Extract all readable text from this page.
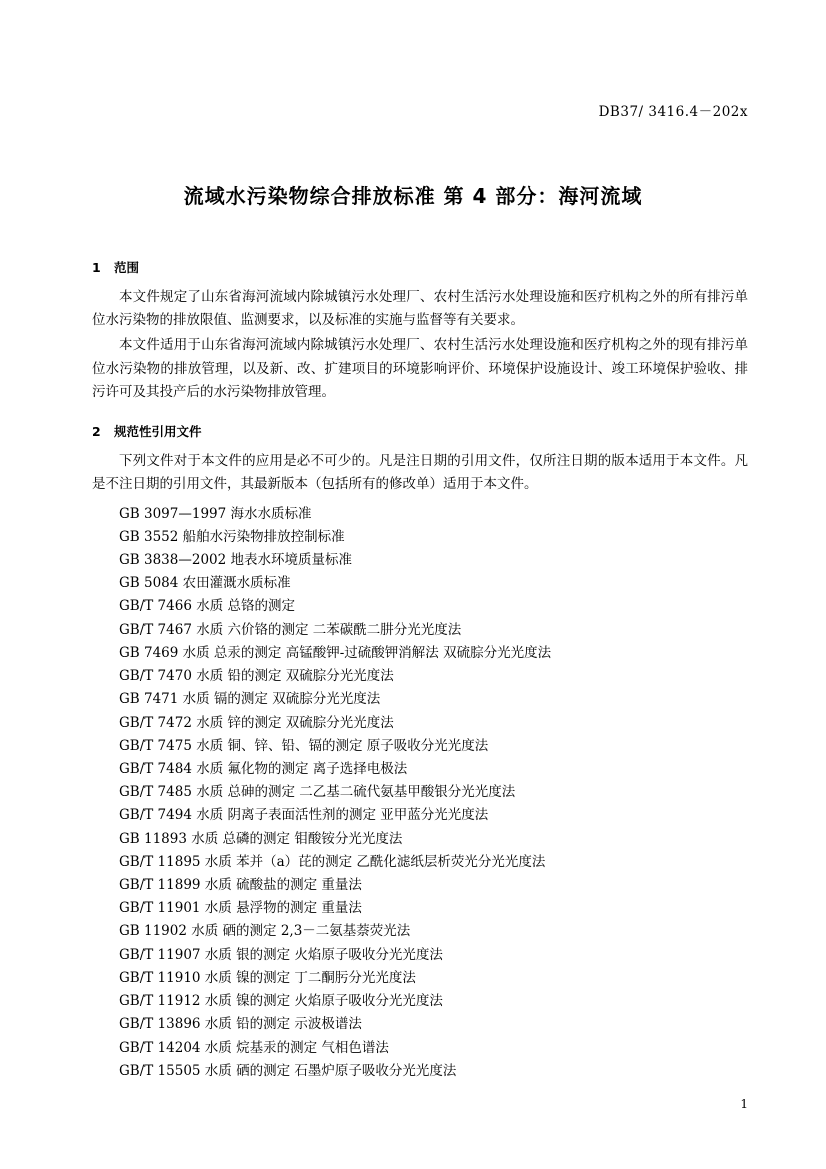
DB37/ 3416.4－202x
流域水污染物综合排放标准 第 4 部分：海河流域
1 范围

本文件规定了山东省海河流域内除城镇污水处理厂、农村生活污水处理设施和医疗机构之外的所有排污单位水污染物的排放限值、监测要求，以及标准的实施与监督等有关要求。

本文件适用于山东省海河流域内除城镇污水处理厂、农村生活污水处理设施和医疗机构之外的现有排污单位水污染物的排放管理，以及新、改、扩建项目的环境影响评价、环境保护设施设计、竣工环境保护验收、排污许可及其投产后的水污染物排放管理。

2 规范性引用文件

下列文件对于本文件的应用是必不可少的。凡是注日期的引用文件，仅所注日期的版本适用于本文件。凡是不注日期的引用文件，其最新版本（包括所有的修改单）适用于本文件。

GB 3097—1997 海水水质标准
GB 3552 船舶水污染物排放控制标准
GB 3838—2002 地表水环境质量标准
GB 5084 农田灌溉水质标准
GB/T 7466 水质 总铬的测定
GB/T 7467 水质 六价铬的测定 二苯碳酰二肼分光光度法
GB 7469 水质 总汞的测定 高锰酸钾-过硫酸钾消解法 双硫腙分光光度法
GB/T 7470 水质 铅的测定 双硫腙分光光度法
GB 7471 水质 镉的测定 双硫腙分光光度法
GB/T 7472 水质 锌的测定 双硫腙分光光度法
GB/T 7475 水质 铜、锌、铅、镉的测定 原子吸收分光光度法
GB/T 7484 水质 氟化物的测定 离子选择电极法
GB/T 7485 水质 总砷的测定 二乙基二硫代氨基甲酸银分光光度法
GB/T 7494 水质 阴离子表面活性剂的测定 亚甲蓝分光光度法
GB 11893 水质 总磷的测定 钼酸铵分光光度法
GB/T 11895 水质 苯并（a）芘的测定 乙酰化滤纸层析荧光分光光度法
GB/T 11899 水质 硫酸盐的测定 重量法
GB/T 11901 水质 悬浮物的测定 重量法
GB 11902 水质 硒的测定 2,3－二氨基萘荧光法
GB/T 11907 水质 银的测定 火焰原子吸收分光光度法
GB/T 11910 水质 镍的测定 丁二酮肟分光光度法
GB/T 11912 水质 镍的测定 火焰原子吸收分光光度法
GB/T 13896 水质 铅的测定 示波极谱法
GB/T 14204 水质 烷基汞的测定 气相色谱法
GB/T 15505 水质 硒的测定 石墨炉原子吸收分光光度法
1
